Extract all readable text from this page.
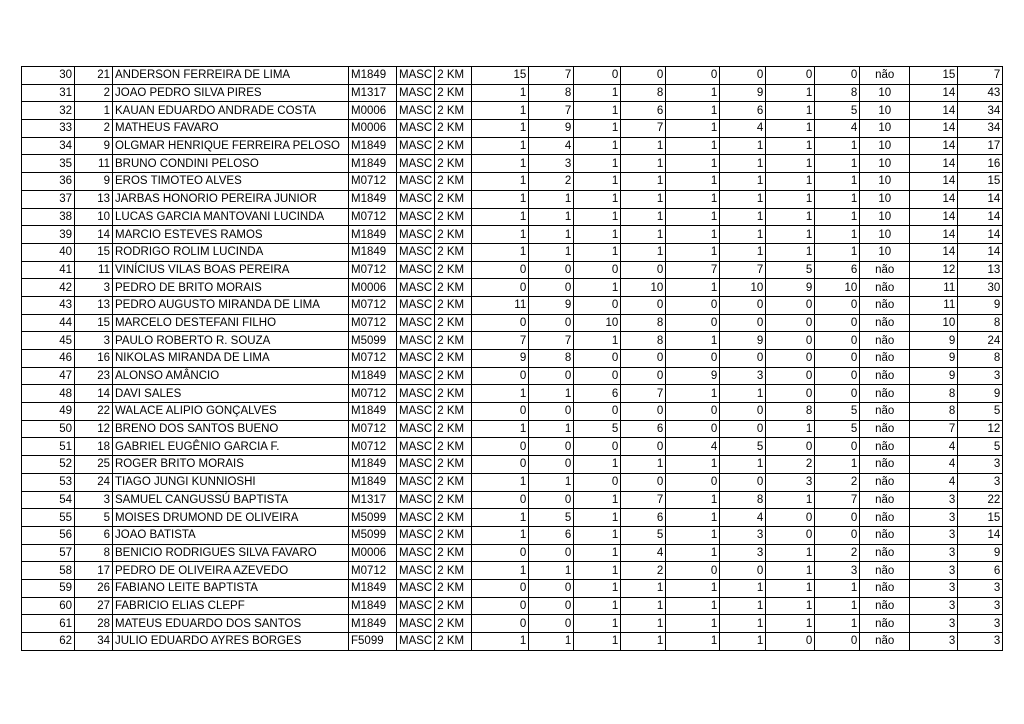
30	21	ANDERSON FERREIRA DE LIMA	M1849	MASC	2 KM	15	7	0	0	0	0	0	0	não	15	7
31	2	JOAO PEDRO SILVA PIRES	M1317	MASC	2 KM	1	8	1	8	1	9	1	8	10	14	43
32	1	KAUAN EDUARDO ANDRADE COSTA	M0006	MASC	2 KM	1	7	1	6	1	6	1	5	10	14	34
33	2	MATHEUS FAVARO	M0006	MASC	2 KM	1	9	1	7	1	4	1	4	10	14	34
34	9	OLGMAR HENRIQUE FERREIRA PELOSO	M1849	MASC	2 KM	1	4	1	1	1	1	1	1	10	14	17
35	11	BRUNO CONDINI PELOSO	M1849	MASC	2 KM	1	3	1	1	1	1	1	1	10	14	16
36	9	EROS TIMOTEO ALVES	M0712	MASC	2 KM	1	2	1	1	1	1	1	1	10	14	15
37	13	JARBAS HONORIO PEREIRA JUNIOR	M1849	MASC	2 KM	1	1	1	1	1	1	1	1	10	14	14
38	10	LUCAS GARCIA MANTOVANI LUCINDA	M0712	MASC	2 KM	1	1	1	1	1	1	1	1	10	14	14
39	14	MARCIO ESTEVES RAMOS	M1849	MASC	2 KM	1	1	1	1	1	1	1	1	10	14	14
40	15	RODRIGO ROLIM LUCINDA	M1849	MASC	2 KM	1	1	1	1	1	1	1	1	10	14	14
41	11	VINÍCIUS VILAS BOAS PEREIRA	M0712	MASC	2 KM	0	0	0	0	7	7	5	6	não	12	13
42	3	PEDRO DE BRITO MORAIS	M0006	MASC	2 KM	0	0	1	10	1	10	9	10	não	11	30
43	13	PEDRO AUGUSTO MIRANDA DE LIMA	M0712	MASC	2 KM	11	9	0	0	0	0	0	0	não	11	9
44	15	MARCELO DESTEFANI FILHO	M0712	MASC	2 KM	0	0	10	8	0	0	0	0	não	10	8
45	3	PAULO ROBERTO R. SOUZA	M5099	MASC	2 KM	7	7	1	8	1	9	0	0	não	9	24
46	16	NIKOLAS MIRANDA DE LIMA	M0712	MASC	2 KM	9	8	0	0	0	0	0	0	não	9	8
47	23	ALONSO AMÂNCIO	M1849	MASC	2 KM	0	0	0	0	9	3	0	0	não	9	3
48	14	DAVI SALES	M0712	MASC	2 KM	1	1	6	7	1	1	0	0	não	8	9
49	22	WALACE ALIPIO GONÇALVES	M1849	MASC	2 KM	0	0	0	0	0	0	8	5	não	8	5
50	12	BRENO DOS SANTOS BUENO	M0712	MASC	2 KM	1	1	5	6	0	0	1	5	não	7	12
51	18	GABRIEL EUGÊNIO GARCIA F.	M0712	MASC	2 KM	0	0	0	0	4	5	0	0	não	4	5
52	25	ROGER BRITO MORAIS	M1849	MASC	2 KM	0	0	1	1	1	1	2	1	não	4	3
53	24	TIAGO JUNGI KUNNIOSHI	M1849	MASC	2 KM	1	1	0	0	0	0	3	2	não	4	3
54	3	SAMUEL CANGUSSÚ BAPTISTA	M1317	MASC	2 KM	0	0	1	7	1	8	1	7	não	3	22
55	5	MOISES DRUMOND DE OLIVEIRA	M5099	MASC	2 KM	1	5	1	6	1	4	0	0	não	3	15
56	6	JOAO BATISTA	M5099	MASC	2 KM	1	6	1	5	1	3	0	0	não	3	14
57	8	BENICIO RODRIGUES SILVA FAVARO	M0006	MASC	2 KM	0	0	1	4	1	3	1	2	não	3	9
58	17	PEDRO DE OLIVEIRA AZEVEDO	M0712	MASC	2 KM	1	1	1	2	0	0	1	3	não	3	6
59	26	FABIANO LEITE BAPTISTA	M1849	MASC	2 KM	0	0	1	1	1	1	1	1	não	3	3
60	27	FABRICIO ELIAS CLEPF	M1849	MASC	2 KM	0	0	1	1	1	1	1	1	não	3	3
61	28	MATEUS EDUARDO DOS SANTOS	M1849	MASC	2 KM	0	0	1	1	1	1	1	1	não	3	3
62	34	JULIO EDUARDO AYRES BORGES	F5099	MASC	2 KM	1	1	1	1	1	1	0	0	não	3	3
